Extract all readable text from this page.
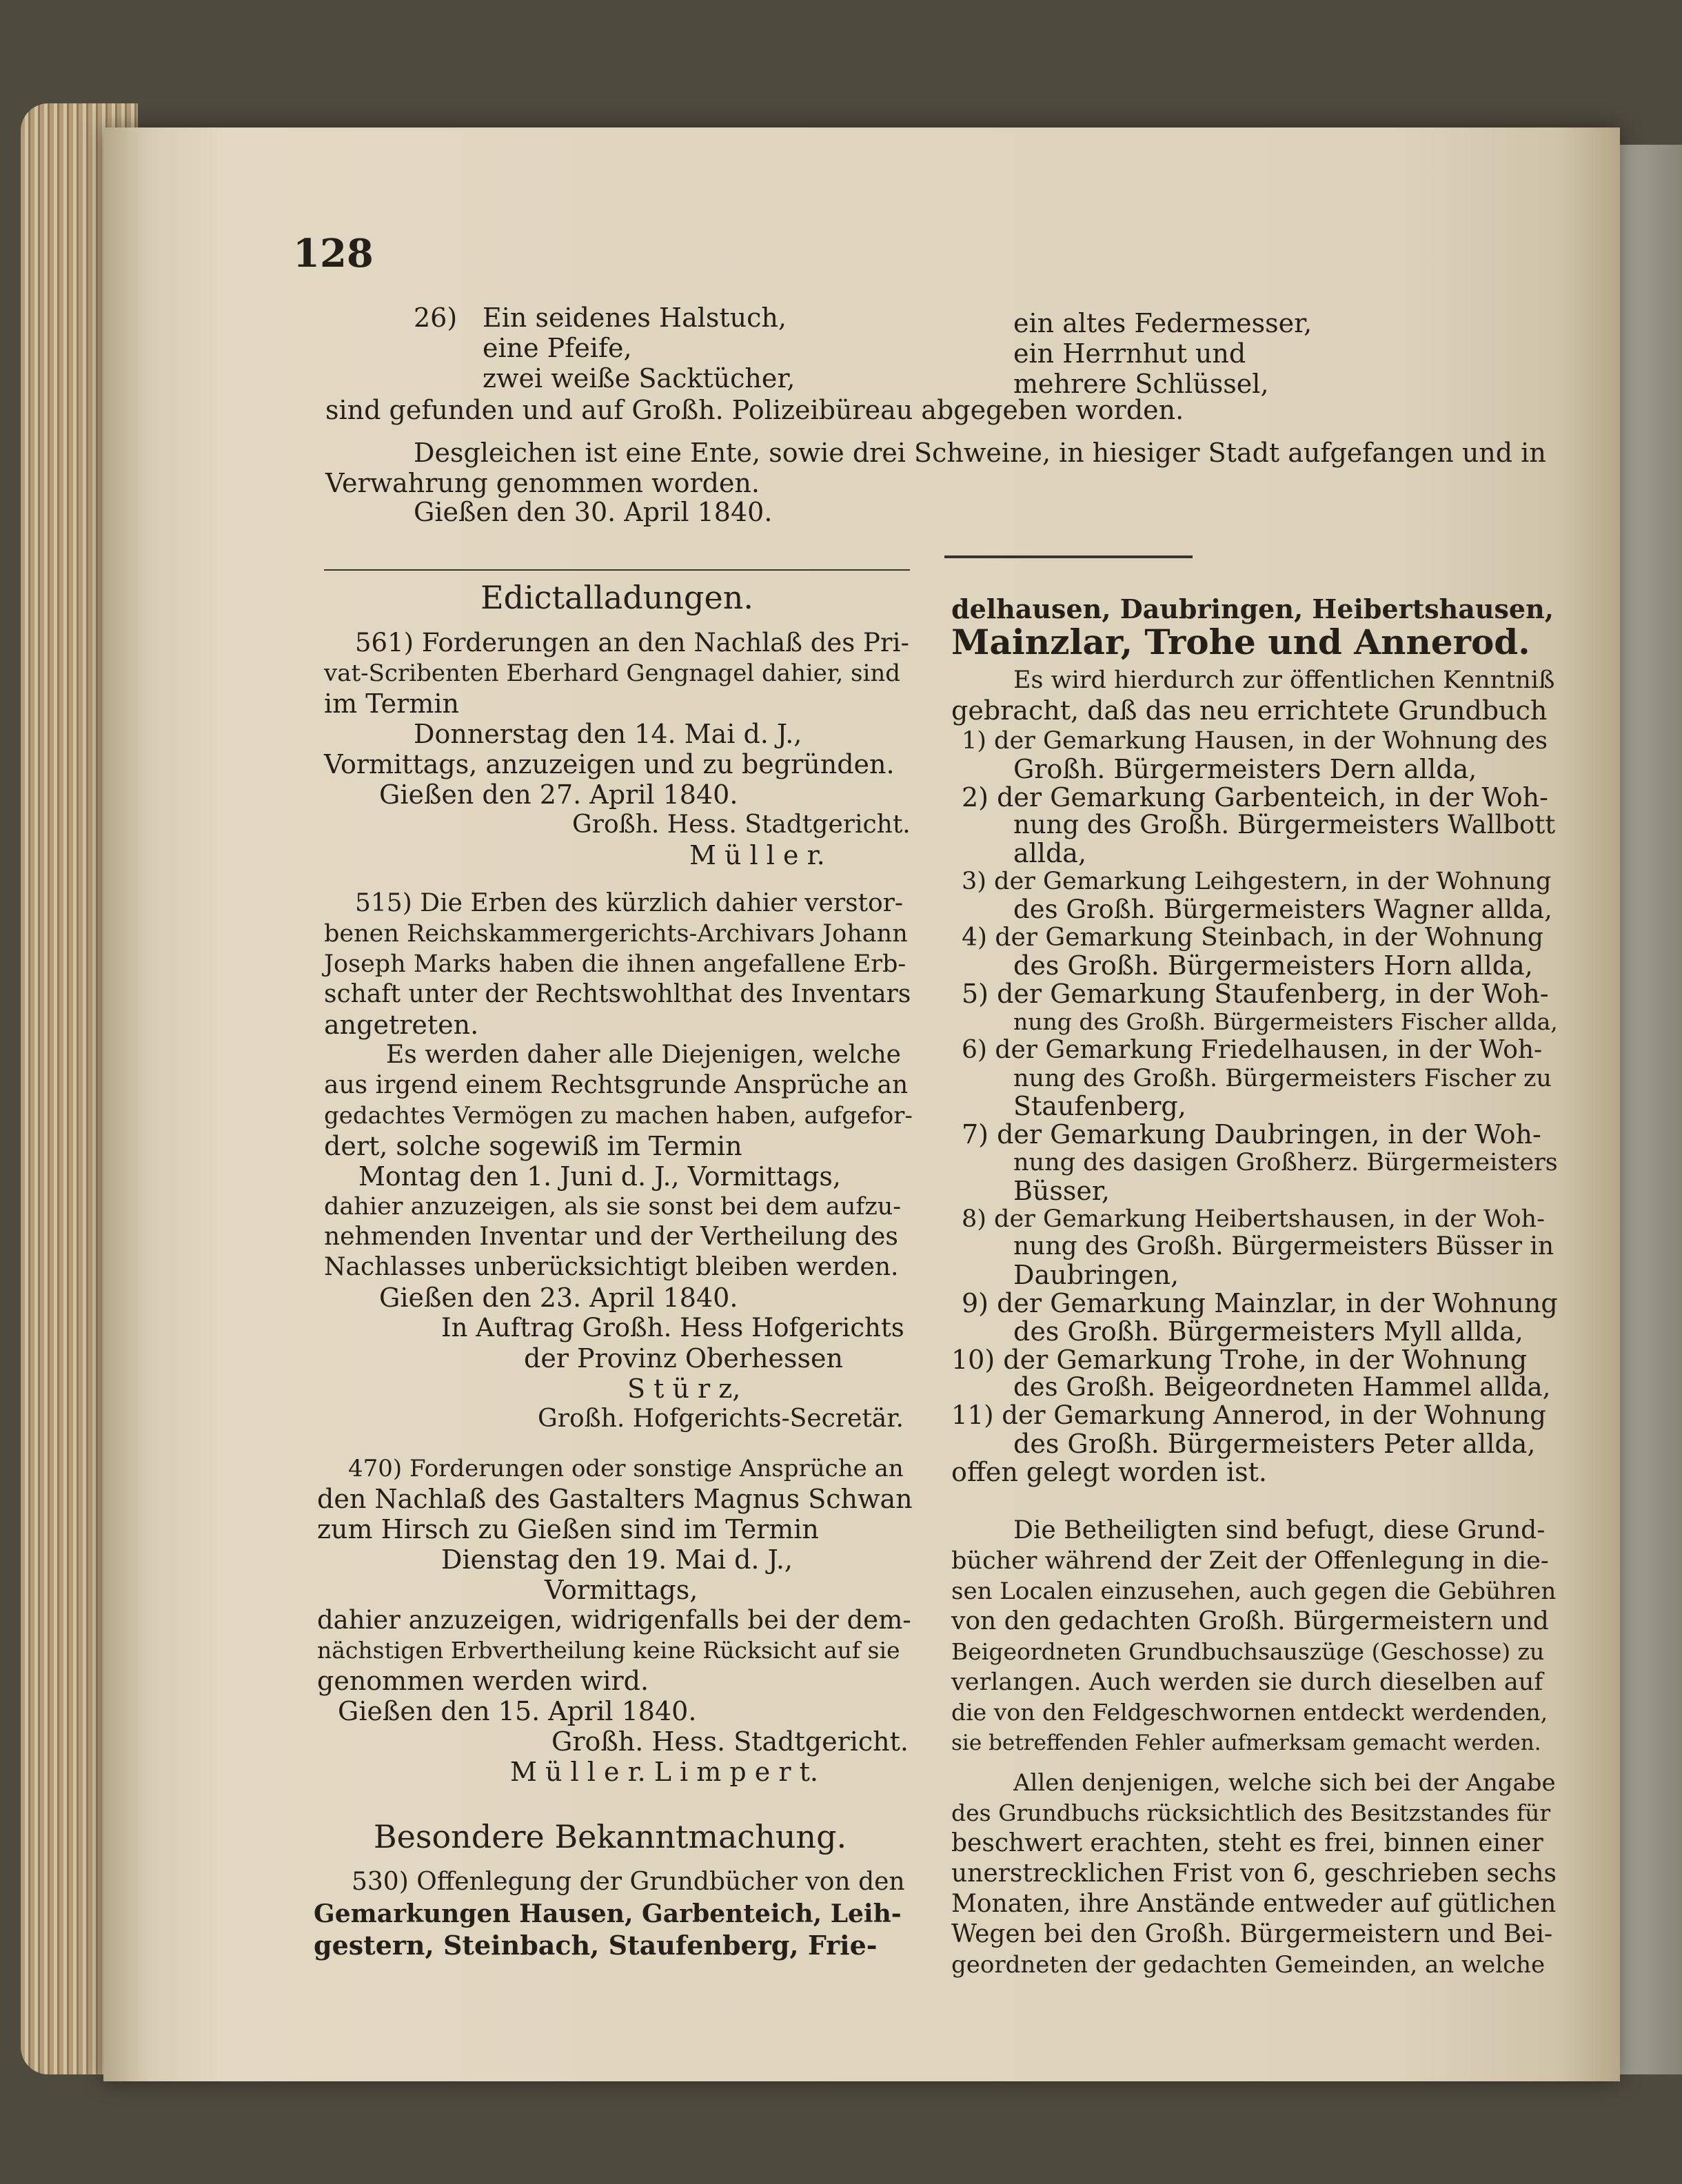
128
26) Ein seidenes Halstuch,
eine Pfeife,
zwei weiße Sacktücher,
ein altes Federmesser,
ein Herrnhut und
mehrere Schlüssel,
sind gefunden und auf Großh. Polizeibüreau abgegeben worden.
Desgleichen ist eine Ente, sowie drei Schweine, in hiesiger Stadt aufgefangen und in
Verwahrung genommen worden.
Gießen den 30. April 1840.
Edictalladungen.
561) Forderungen an den Nachlaß des Pri-
vat-Scribenten Eberhard Gengnagel dahier, sind
im Termin
Donnerstag den 14. Mai d. J.,
Vormittags, anzuzeigen und zu begründen.
Gießen den 27. April 1840.
Großh. Hess. Stadtgericht.
M ü l l e r.
515) Die Erben des kürzlich dahier verstor-
benen Reichskammergerichts-Archivars Johann
Joseph Marks haben die ihnen angefallene Erb-
schaft unter der Rechtswohlthat des Inventars
angetreten.
Es werden daher alle Diejenigen, welche
aus irgend einem Rechtsgrunde Ansprüche an
gedachtes Vermögen zu machen haben, aufgefor-
dert, solche sogewiß im Termin
Montag den 1. Juni d. J., Vormittags,
dahier anzuzeigen, als sie sonst bei dem aufzu-
nehmenden Inventar und der Vertheilung des
Nachlasses unberücksichtigt bleiben werden.
Gießen den 23. April 1840.
In Auftrag Großh. Hess Hofgerichts
der Provinz Oberhessen
S t ü r z,
Großh. Hofgerichts-Secretär.
470) Forderungen oder sonstige Ansprüche an
den Nachlaß des Gastalters Magnus Schwan
zum Hirsch zu Gießen sind im Termin
Dienstag den 19. Mai d. J.,
Vormittags,
dahier anzuzeigen, widrigenfalls bei der dem-
nächstigen Erbvertheilung keine Rücksicht auf sie
genommen werden wird.
Gießen den 15. April 1840.
Großh. Hess. Stadtgericht.
M ü l l e r. L i m p e r t.
Besondere Bekanntmachung.
530) Offenlegung der Grundbücher von den
Gemarkungen Hausen, Garbenteich, Leih-
gestern, Steinbach, Staufenberg, Frie-
delhausen, Daubringen, Heibertshausen,
Mainzlar, Trohe und Annerod.
Es wird hierdurch zur öffentlichen Kenntniß
gebracht, daß das neu errichtete Grundbuch
1) der Gemarkung Hausen, in der Wohnung des
Großh. Bürgermeisters Dern allda,
2) der Gemarkung Garbenteich, in der Woh-
nung des Großh. Bürgermeisters Wallbott
allda,
3) der Gemarkung Leihgestern, in der Wohnung
des Großh. Bürgermeisters Wagner allda,
4) der Gemarkung Steinbach, in der Wohnung
des Großh. Bürgermeisters Horn allda,
5) der Gemarkung Staufenberg, in der Woh-
nung des Großh. Bürgermeisters Fischer allda,
6) der Gemarkung Friedelhausen, in der Woh-
nung des Großh. Bürgermeisters Fischer zu
Staufenberg,
7) der Gemarkung Daubringen, in der Woh-
nung des dasigen Großherz. Bürgermeisters
Büsser,
8) der Gemarkung Heibertshausen, in der Woh-
nung des Großh. Bürgermeisters Büsser in
Daubringen,
9) der Gemarkung Mainzlar, in der Wohnung
des Großh. Bürgermeisters Myll allda,
10) der Gemarkung Trohe, in der Wohnung
des Großh. Beigeordneten Hammel allda,
11) der Gemarkung Annerod, in der Wohnung
des Großh. Bürgermeisters Peter allda,
offen gelegt worden ist.
Die Betheiligten sind befugt, diese Grund-
bücher während der Zeit der Offenlegung in die-
sen Localen einzusehen, auch gegen die Gebühren
von den gedachten Großh. Bürgermeistern und
Beigeordneten Grundbuchsauszüge (Geschosse) zu
verlangen. Auch werden sie durch dieselben auf
die von den Feldgeschwornen entdeckt werdenden,
sie betreffenden Fehler aufmerksam gemacht werden.
Allen denjenigen, welche sich bei der Angabe
des Grundbuchs rücksichtlich des Besitzstandes für
beschwert erachten, steht es frei, binnen einer
unerstrecklichen Frist von 6, geschrieben sechs
Monaten, ihre Anstände entweder auf gütlichen
Wegen bei den Großh. Bürgermeistern und Bei-
geordneten der gedachten Gemeinden, an welche
